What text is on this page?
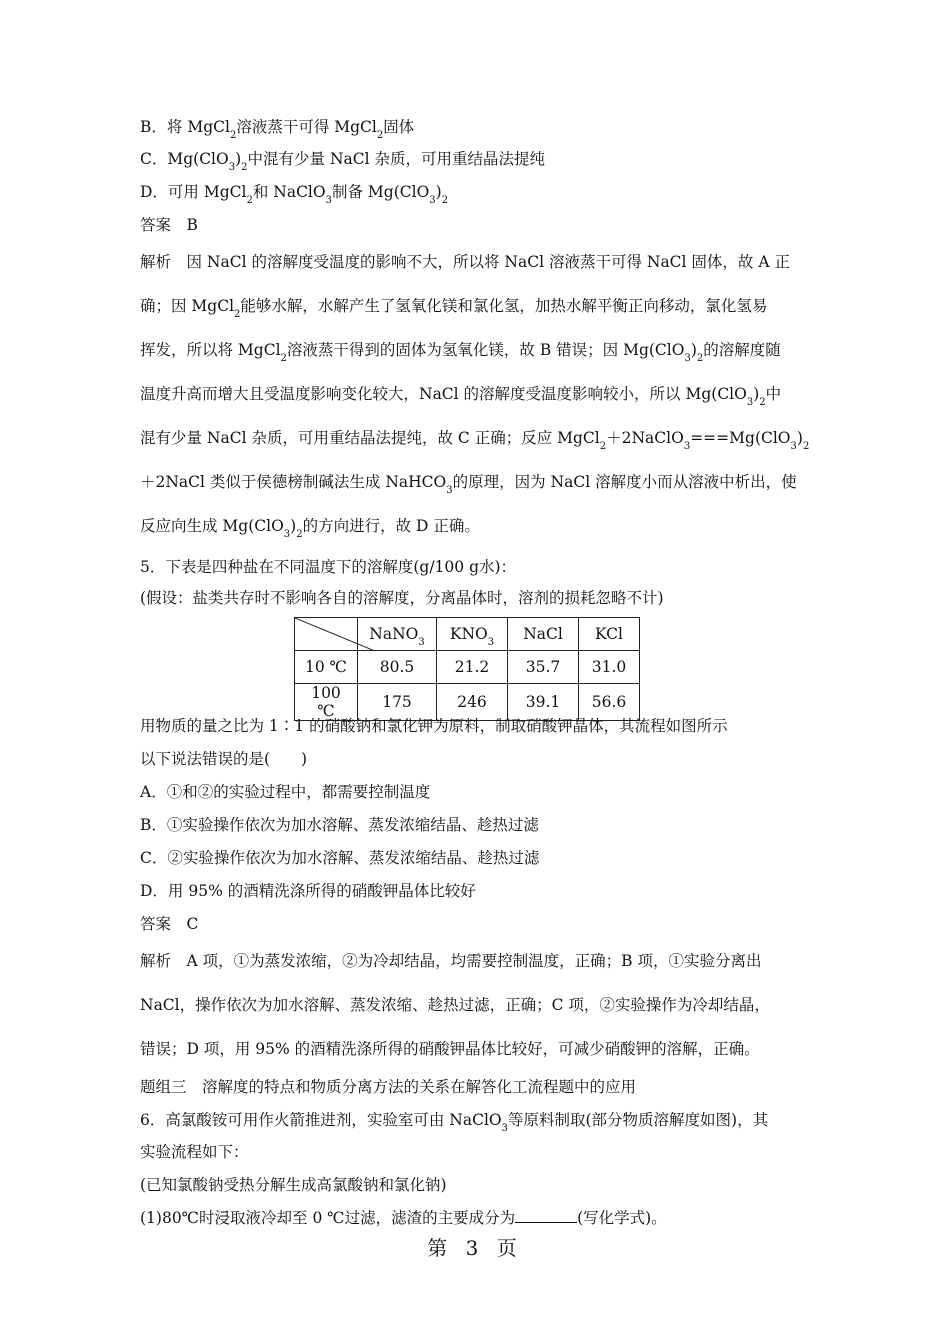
B．将 MgCl$_2$溶液蒸干可得 MgCl$_2$固体
C．$Mg(ClO_3)_2$中混有少量 NaCl 杂质，可用重结晶法提纯
D．可用 MgCl$_2$和 NaClO$_3$制备 $Mg(ClO_3)_2$
答案　B
解析　因 NaCl 的溶解度受温度的影响不大，所以将 NaCl 溶液蒸干可得 NaCl 固体，故 A 正
确；因 MgCl$_2$能够水解，水解产生了氢氧化镁和氯化氢，加热水解平衡正向移动，氯化氢易
挥发，所以将 MgCl$_2$溶液蒸干得到的固体为氢氧化镁，故 B 错误；因 $Mg(ClO_3)_2$的溶解度随
温度升高而增大且受温度影响变化较大，NaCl 的溶解度受温度影响较小，所以 $Mg(ClO_3)_2$中
混有少量 NaCl 杂质，可用重结晶法提纯，故 C 正确；反应 $MgCl_2+2NaClO_3===Mg(ClO_3)_2$
＋2NaCl 类似于侯德榜制碱法生成 NaHCO$_3$的原理，因为 NaCl 溶解度小而从溶液中析出，使
反应向生成 $Mg(ClO_3)_2$的方向进行，故 D 正确。
5．下表是四种盐在不同温度下的溶解度(g/100 g水)：
(假设：盐类共存时不影响各自的溶解度，分离晶体时，溶剂的损耗忽略不计)
	NaNO$_3$	$KNO_3$	NaCl	KCl
10 ℃	80.5	21.2	35.7	31.0
100 ℃	175	246	39.1	56.6
用物质的量之比为 1∶1 的硝酸钠和氯化钾为原料，制取硝酸钾晶体，其流程如图所示
以下说法错误的是(　　)
A．①和②的实验过程中，都需要控制温度
B．①实验操作依次为加水溶解、蒸发浓缩结晶、趁热过滤
C．②实验操作依次为加水溶解、蒸发浓缩结晶、趁热过滤
D．用 95% 的酒精洗涤所得的硝酸钾晶体比较好
答案　C
解析　A 项，①为蒸发浓缩，②为冷却结晶，均需要控制温度，正确；B 项，①实验分离出
NaCl，操作依次为加水溶解、蒸发浓缩、趁热过滤，正确；C 项，②实验操作为冷却结晶，
错误；D 项，用 95% 的酒精洗涤所得的硝酸钾晶体比较好，可减少硝酸钾的溶解，正确。
题组三　溶解度的特点和物质分离方法的关系在解答化工流程题中的应用
6．高氯酸铵可用作火箭推进剂，实验室可由 NaClO$_3$等原料制取(部分物质溶解度如图)，其
实验流程如下：
(已知氯酸钠受热分解生成高氯酸钠和氯化钠)
(1)80℃时浸取液冷却至 0 ℃过滤，滤渣的主要成分为	(写化学式)。
第 3 页
